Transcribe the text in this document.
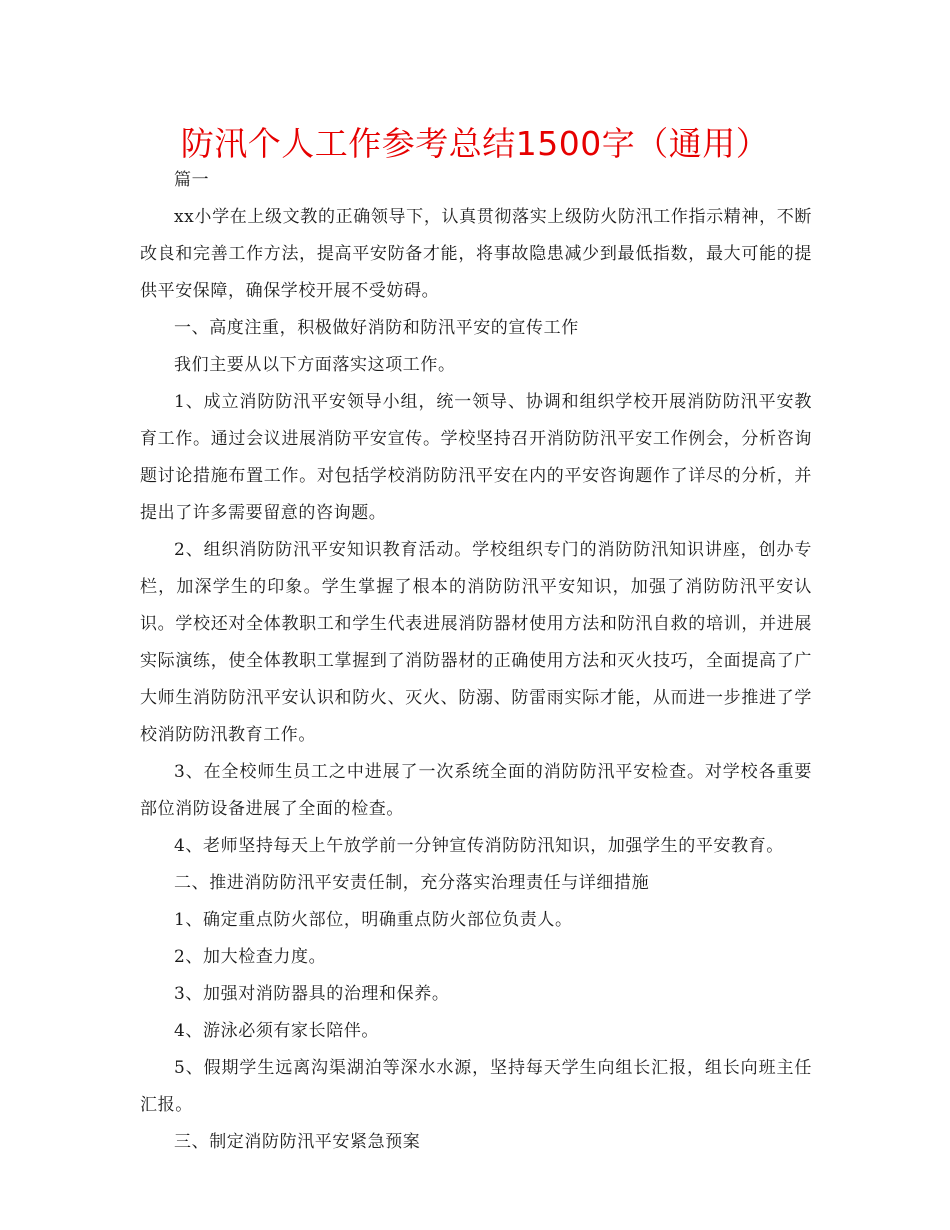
防汛个人工作参考总结1500字（通用）

篇一

xx小学在上级文教的正确领导下，认真贯彻落实上级防火防汛工作指示精神，不断改良和完善工作方法，提高平安防备才能，将事故隐患减少到最低指数，最大可能的提供平安保障，确保学校开展不受妨碍。

一、高度注重，积极做好消防和防汛平安的宣传工作

我们主要从以下方面落实这项工作。

1、成立消防防汛平安领导小组，统一领导、协调和组织学校开展消防防汛平安教育工作。通过会议进展消防平安宣传。学校坚持召开消防防汛平安工作例会，分析咨询题讨论措施布置工作。对包括学校消防防汛平安在内的平安咨询题作了详尽的分析，并提出了许多需要留意的咨询题。

2、组织消防防汛平安知识教育活动。学校组织专门的消防防汛知识讲座，创办专栏，加深学生的印象。学生掌握了根本的消防防汛平安知识，加强了消防防汛平安认识。学校还对全体教职工和学生代表进展消防器材使用方法和防汛自救的培训，并进展实际演练，使全体教职工掌握到了消防器材的正确使用方法和灭火技巧，全面提高了广大师生消防防汛平安认识和防火、灭火、防溺、防雷雨实际才能，从而进一步推进了学校消防防汛教育工作。

3、在全校师生员工之中进展了一次系统全面的消防防汛平安检查。对学校各重要部位消防设备进展了全面的检查。

4、老师坚持每天上午放学前一分钟宣传消防防汛知识，加强学生的平安教育。

二、推进消防防汛平安责任制，充分落实治理责任与详细措施

1、确定重点防火部位，明确重点防火部位负责人。

2、加大检查力度。

3、加强对消防器具的治理和保养。

4、游泳必须有家长陪伴。

5、假期学生远离沟渠湖泊等深水水源，坚持每天学生向组长汇报，组长向班主任汇报。

三、制定消防防汛平安紧急预案
